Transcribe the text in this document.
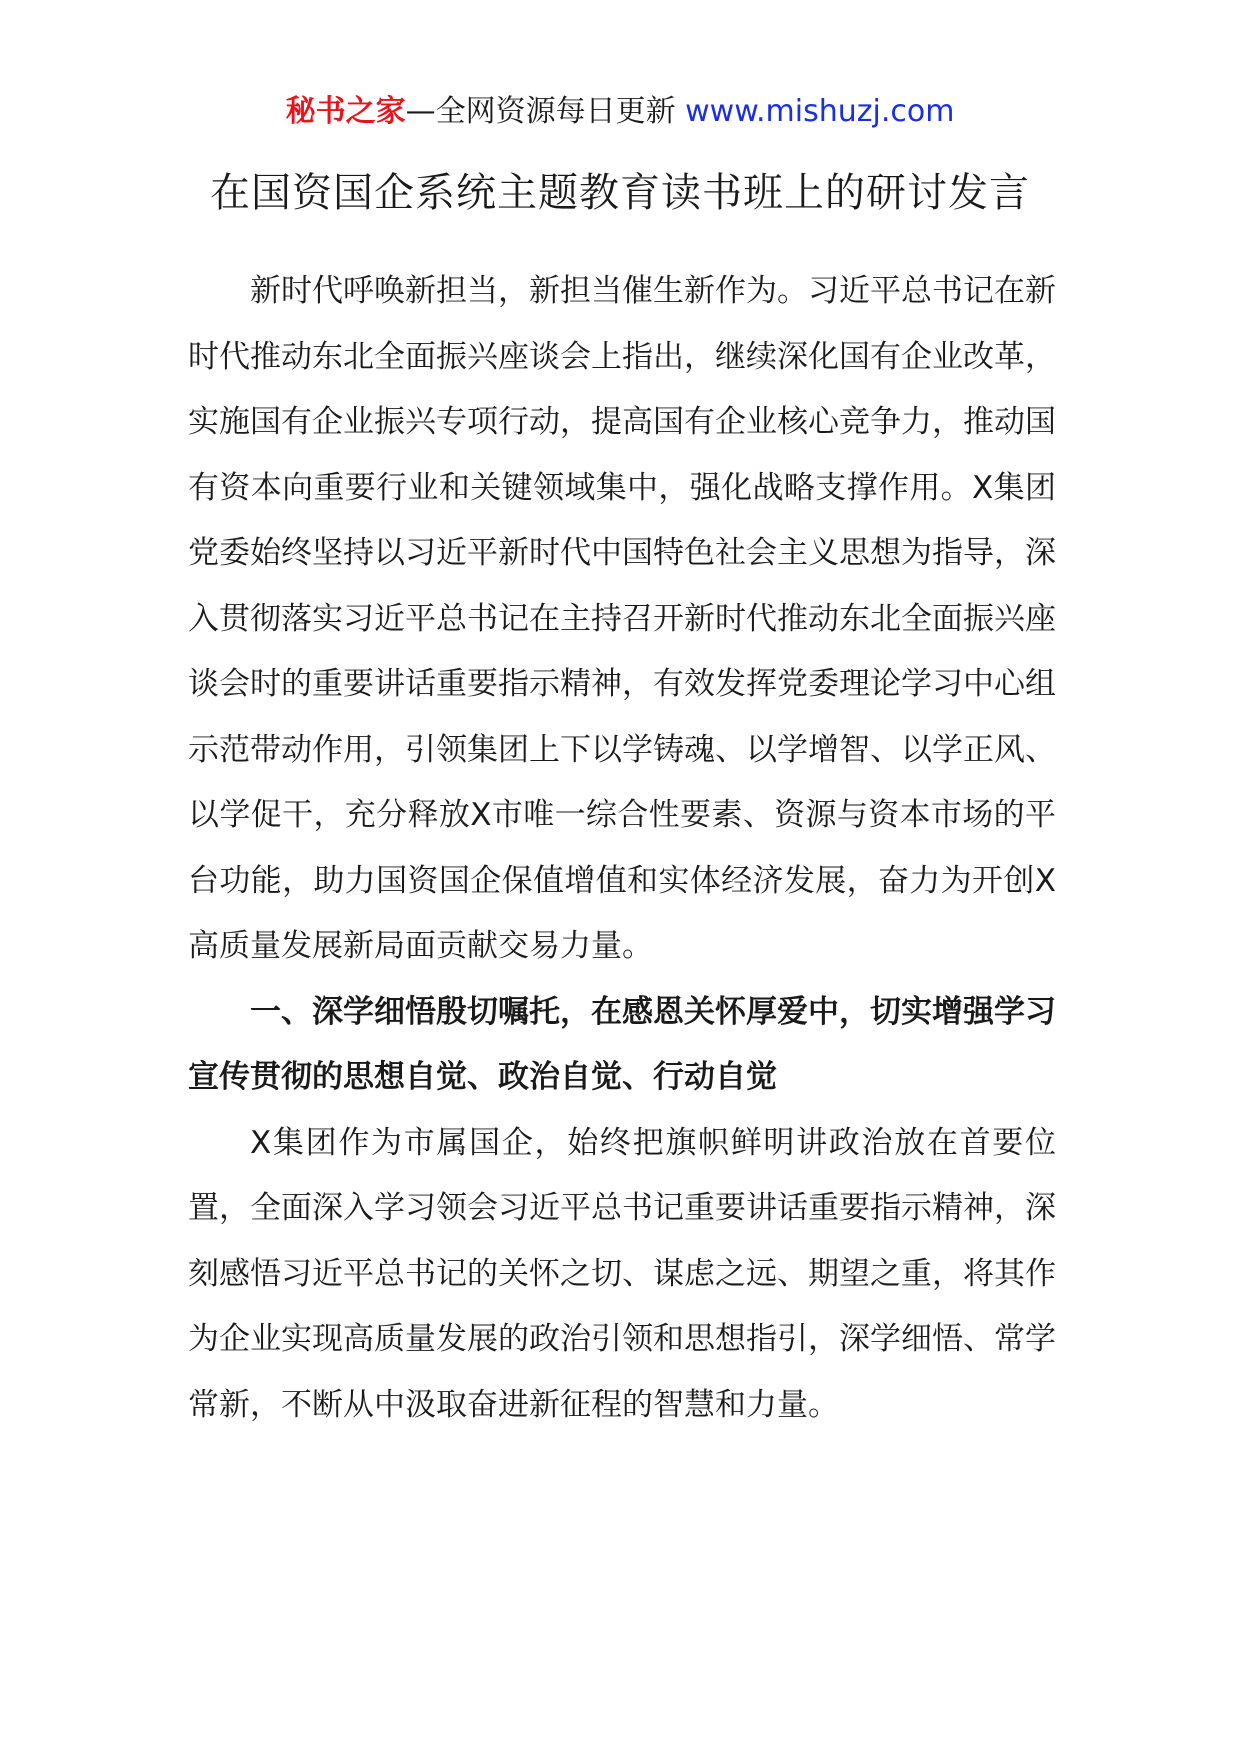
秘书之家—全网资源每日更新 www.mishuzj.com
在国资国企系统主题教育读书班上的研讨发言

新时代呼唤新担当，新担当催生新作为。习近平总书记在新时代推动东北全面振兴座谈会上指出，继续深化国有企业改革，实施国有企业振兴专项行动，提高国有企业核心竞争力，推动国有资本向重要行业和关键领域集中，强化战略支撑作用。X集团党委始终坚持以习近平新时代中国特色社会主义思想为指导，深入贯彻落实习近平总书记在主持召开新时代推动东北全面振兴座谈会时的重要讲话重要指示精神，有效发挥党委理论学习中心组示范带动作用，引领集团上下以学铸魂、以学增智、以学正风、以学促干，充分释放X市唯一综合性要素、资源与资本市场的平台功能，助力国资国企保值增值和实体经济发展，奋力为开创X高质量发展新局面贡献交易力量。

一、深学细悟殷切嘱托，在感恩关怀厚爱中，切实增强学习宣传贯彻的思想自觉、政治自觉、行动自觉

X集团作为市属国企，始终把旗帜鲜明讲政治放在首要位置，全面深入学习领会习近平总书记重要讲话重要指示精神，深刻感悟习近平总书记的关怀之切、谋虑之远、期望之重，将其作为企业实现高质量发展的政治引领和思想指引，深学细悟、常学常新，不断从中汲取奋进新征程的智慧和力量。
